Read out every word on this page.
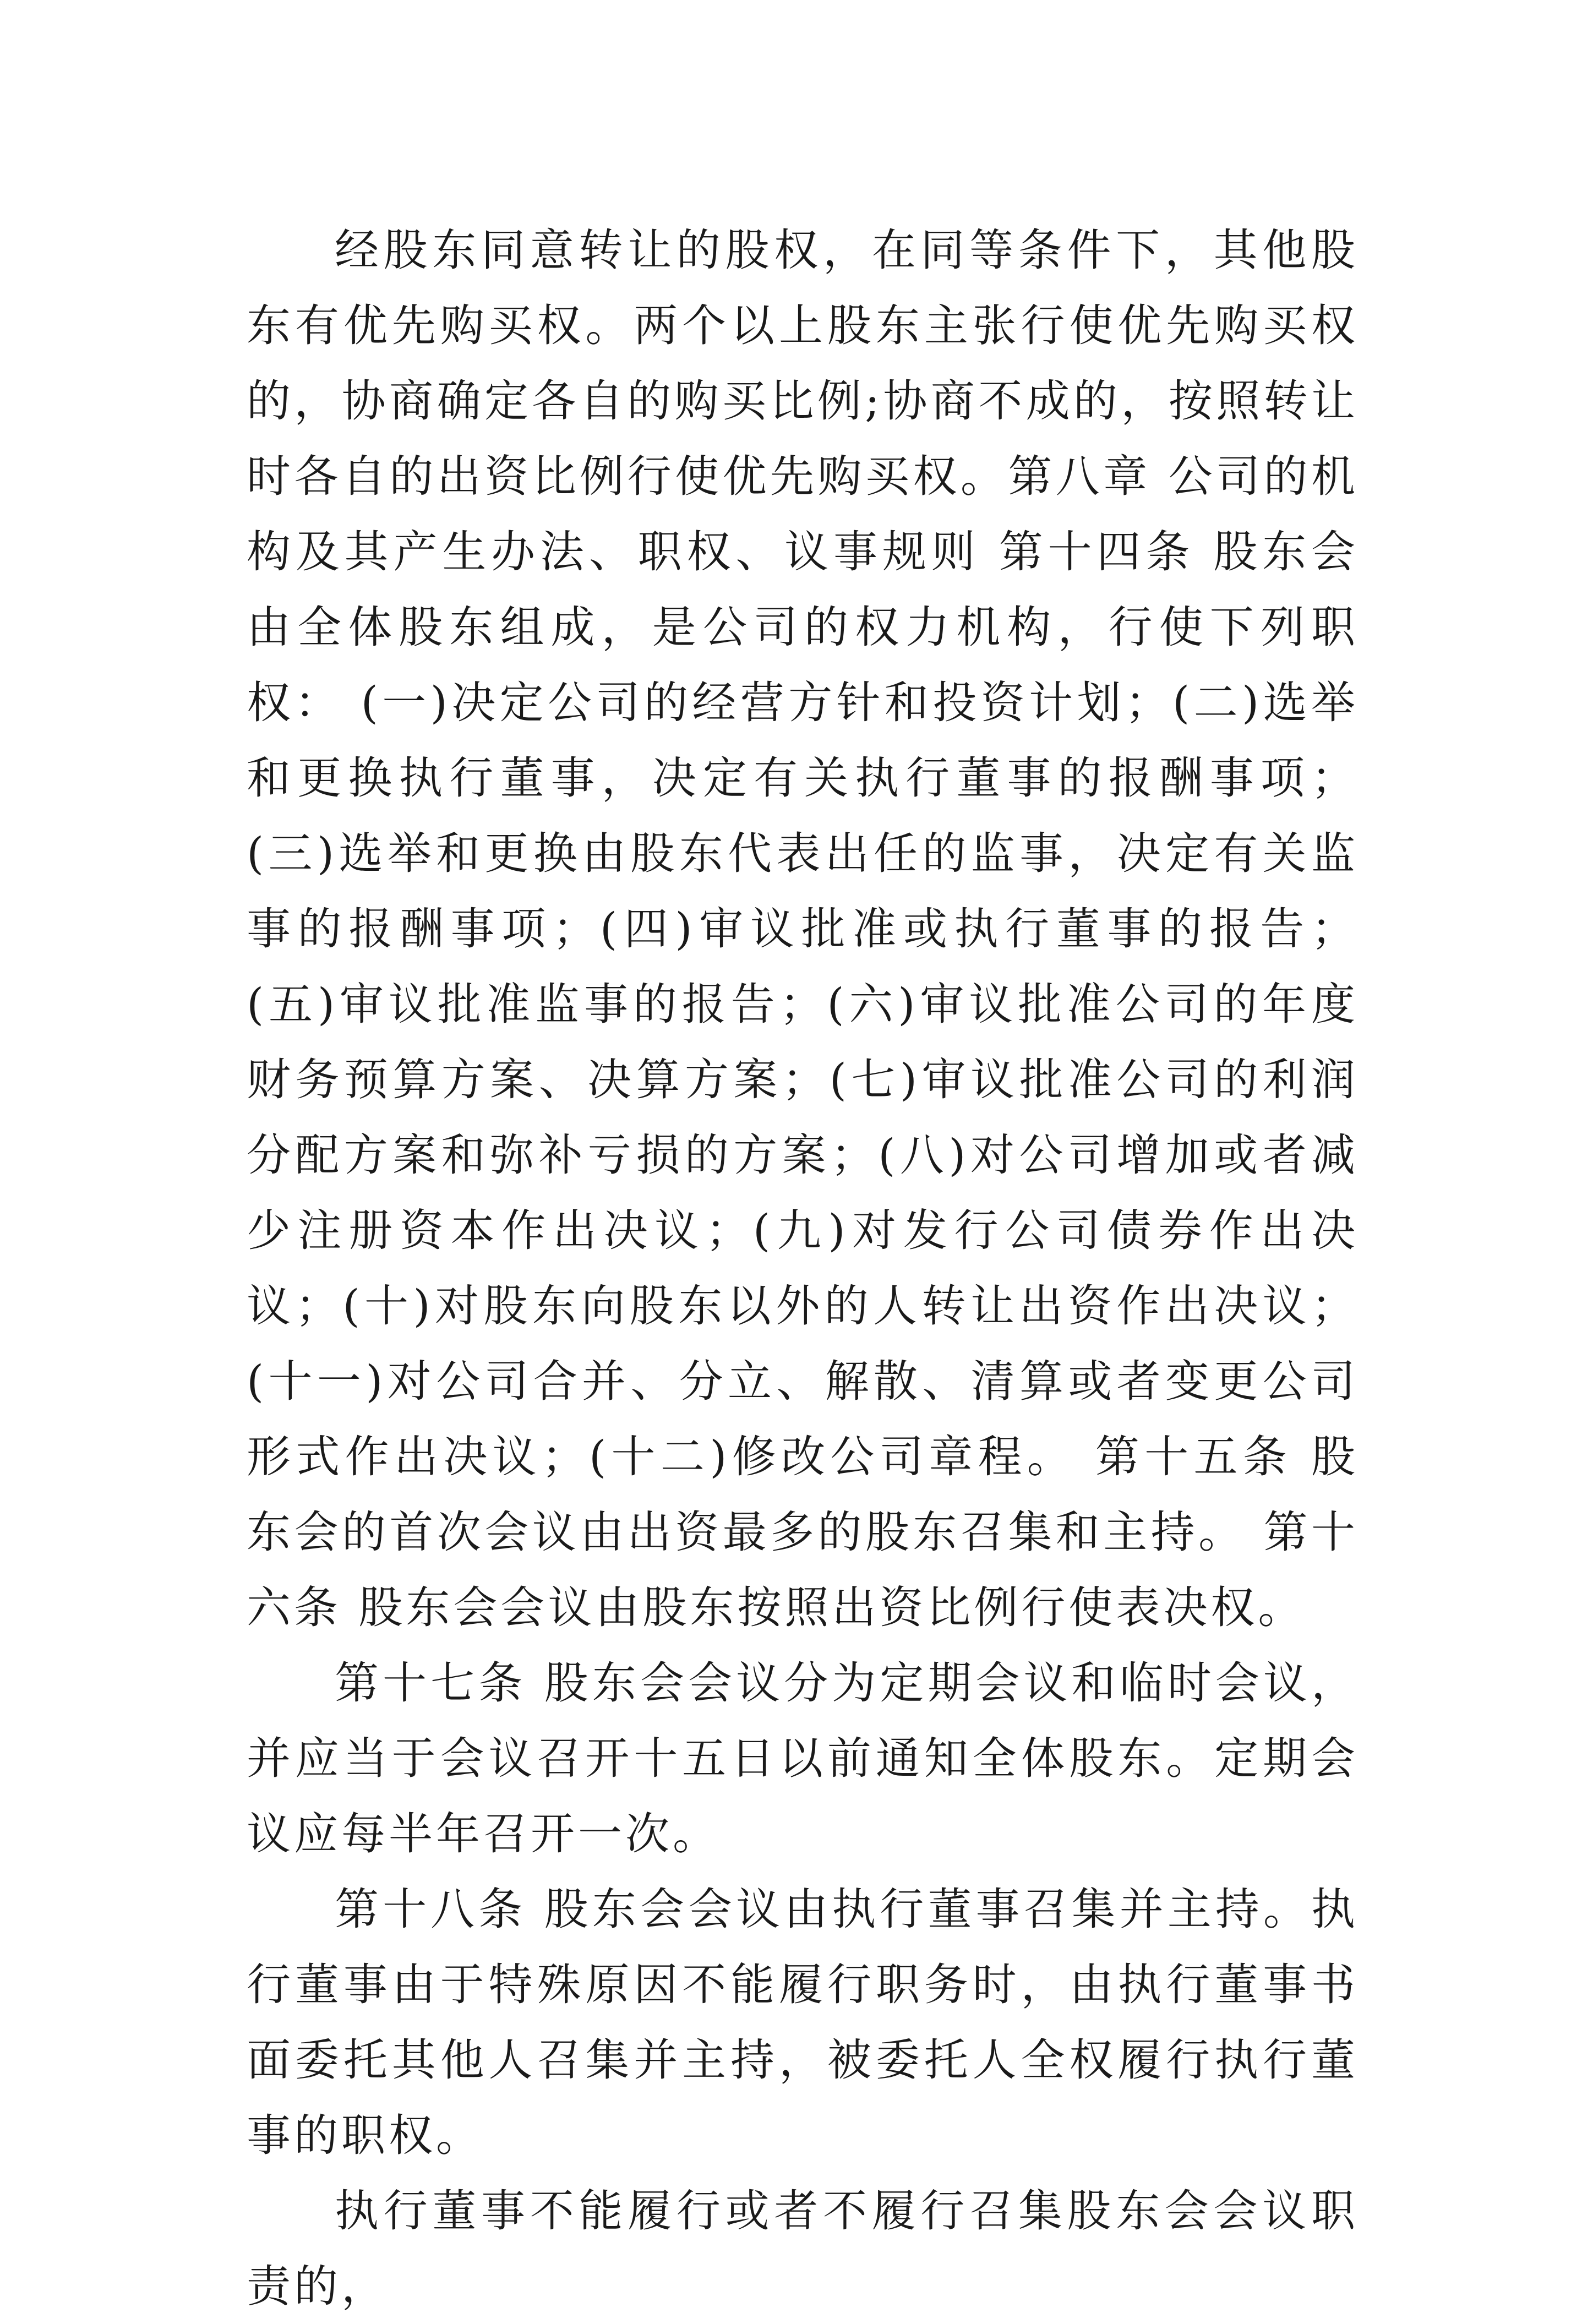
经股东同意转让的股权，在同等条件下，其他股东有优先购买权。两个以上股东主张行使优先购买权的，协商确定各自的购买比例;协商不成的，按照转让时各自的出资比例行使优先购买权。第八章 公司的机构及其产生办法、职权、议事规则 第十四条 股东会由全体股东组成，是公司的权力机构，行使下列职权： (一)决定公司的经营方针和投资计划；(二)选举和更换执行董事，决定有关执行董事的报酬事项；(三)选举和更换由股东代表出任的监事，决定有关监事的报酬事项；(四)审议批准或执行董事的报告；(五)审议批准监事的报告；(六)审议批准公司的年度财务预算方案、决算方案；(七)审议批准公司的利润分配方案和弥补亏损的方案；(八)对公司增加或者减少注册资本作出决议；(九)对发行公司债券作出决议；(十)对股东向股东以外的人转让出资作出决议；(十一)对公司合并、分立、解散、清算或者变更公司形式作出决议；(十二)修改公司章程。 第十五条 股东会的首次会议由出资最多的股东召集和主持。 第十六条 股东会会议由股东按照出资比例行使表决权。

第十七条 股东会会议分为定期会议和临时会议，并应当于会议召开十五日以前通知全体股东。定期会议应每半年召开一次。

第十八条 股东会会议由执行董事召集并主持。执行董事由于特殊原因不能履行职务时，由执行董事书面委托其他人召集并主持，被委托人全权履行执行董事的职权。

执行董事不能履行或者不履行召集股东会会议职责的，
